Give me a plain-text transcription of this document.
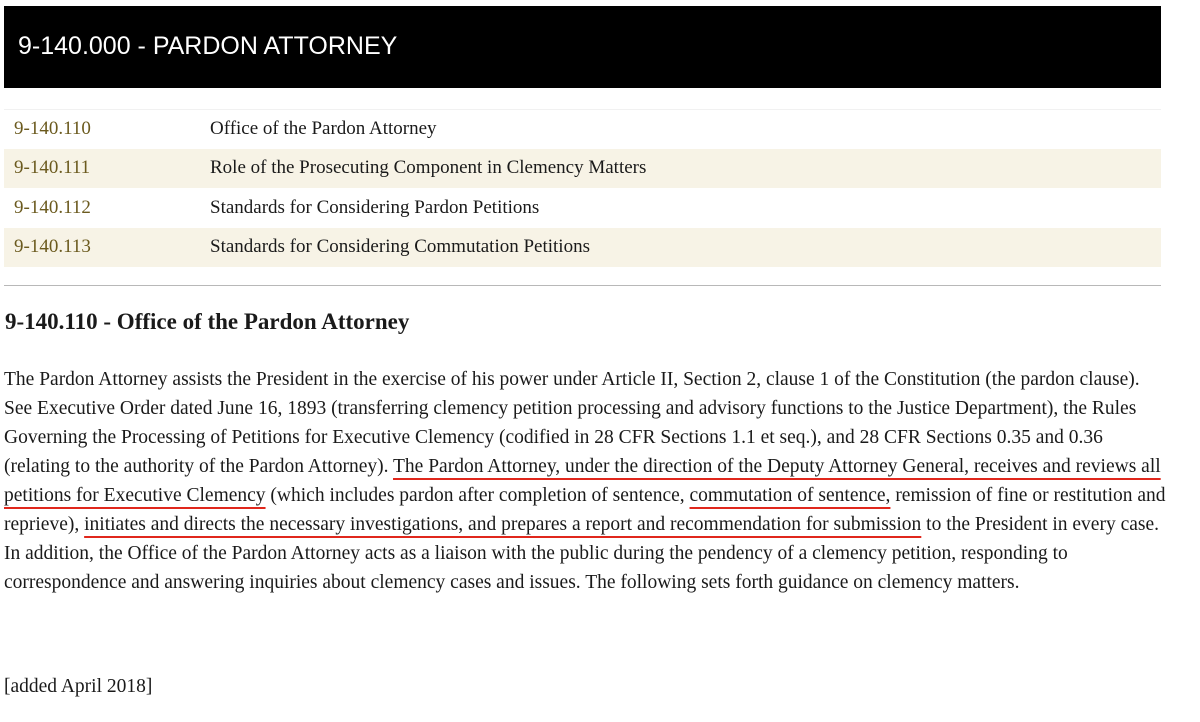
9-140.000 - PARDON ATTORNEY
9-140.110	Office of the Pardon Attorney
9-140.111	Role of the Prosecuting Component in Clemency Matters
9-140.112	Standards for Considering Pardon Petitions
9-140.113	Standards for Considering Commutation Petitions
9-140.110 - Office of the Pardon Attorney

The Pardon Attorney assists the President in the exercise of his power under Article II, Section 2, clause 1 of the Constitution (the pardon clause). See Executive Order dated June 16, 1893 (transferring clemency petition processing and advisory functions to the Justice Department), the Rules Governing the Processing of Petitions for Executive Clemency (codified in 28 CFR Sections 1.1 et seq.), and 28 CFR Sections 0.35 and 0.36 (relating to the authority of the Pardon Attorney). The Pardon Attorney, under the direction of the Deputy Attorney General, receives and reviews all petitions for Executive Clemency (which includes pardon after completion of sentence, commutation of sentence, remission of fine or restitution and reprieve), initiates and directs the necessary investigations, and prepares a report and recommendation for submission to the President in every case. In addition, the Office of the Pardon Attorney acts as a liaison with the public during the pendency of a clemency petition, responding to correspondence and answering inquiries about clemency cases and issues. The following sets forth guidance on clemency matters.

[added April 2018]
